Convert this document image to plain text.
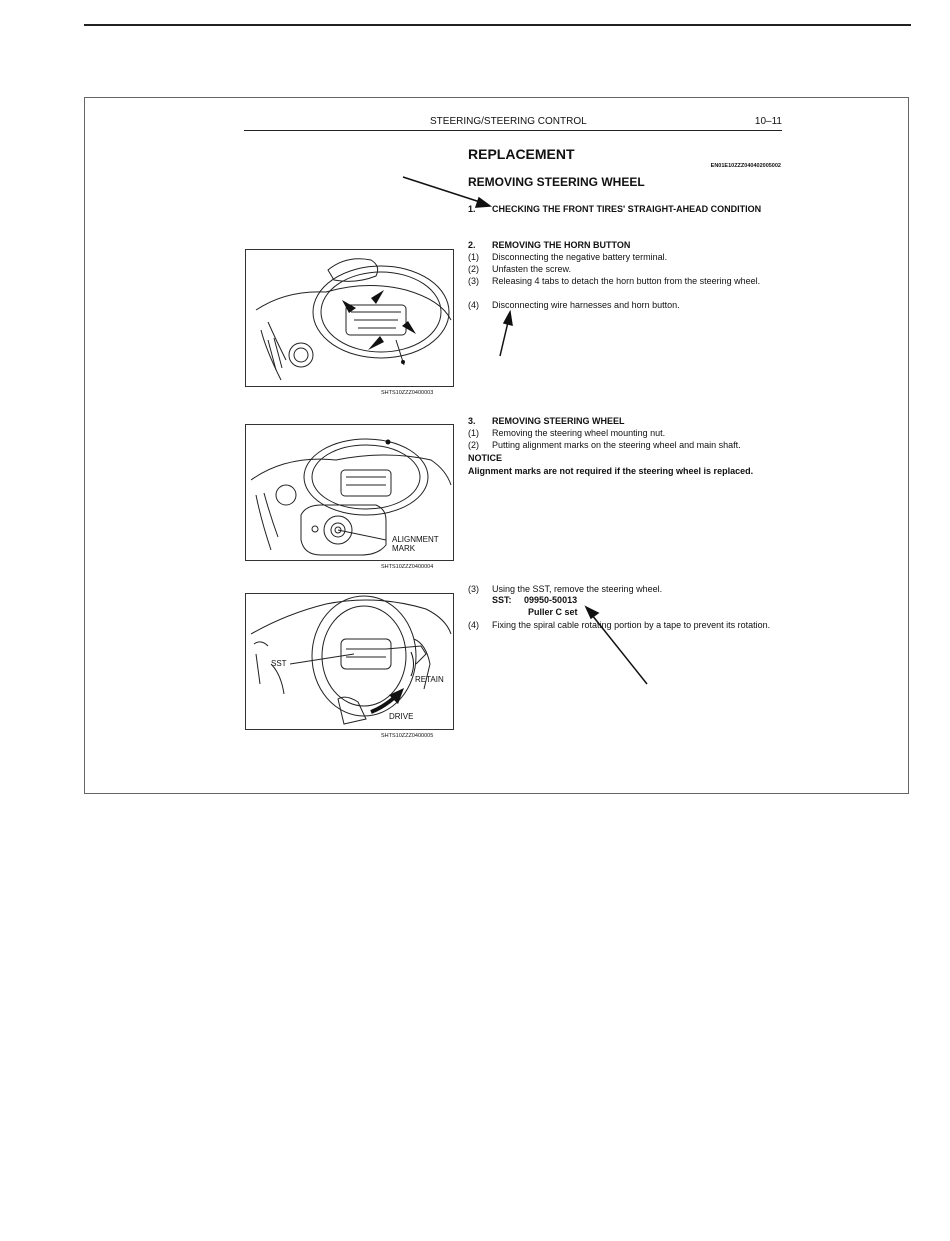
STEERING/STEERING CONTROL	10–11
REPLACEMENT
EN01E10ZZZ040402005002
REMOVING STEERING WHEEL
1. CHECKING THE FRONT TIRES' STRAIGHT-AHEAD CONDITION
2. REMOVING THE HORN BUTTON
(1) Disconnecting the negative battery terminal.
(2) Unfasten the screw.
(3) Releasing 4 tabs to detach the horn button from the steering wheel.
(4) Disconnecting wire harnesses and horn button.
SHTS10ZZZ0400003
3. REMOVING STEERING WHEEL
(1) Removing the steering wheel mounting nut.
(2) Putting alignment marks on the steering wheel and main shaft.
NOTICE
Alignment marks are not required if the steering wheel is replaced.
ALIGNMENT MARK
SHTS10ZZZ0400004
(3) Using the SST, remove the steering wheel.
SST: 09950-50013
Puller C set
(4) Fixing the spiral cable rotating portion by a tape to prevent its rotation.
SST
RETAIN
DRIVE
SHTS10ZZZ0400005
